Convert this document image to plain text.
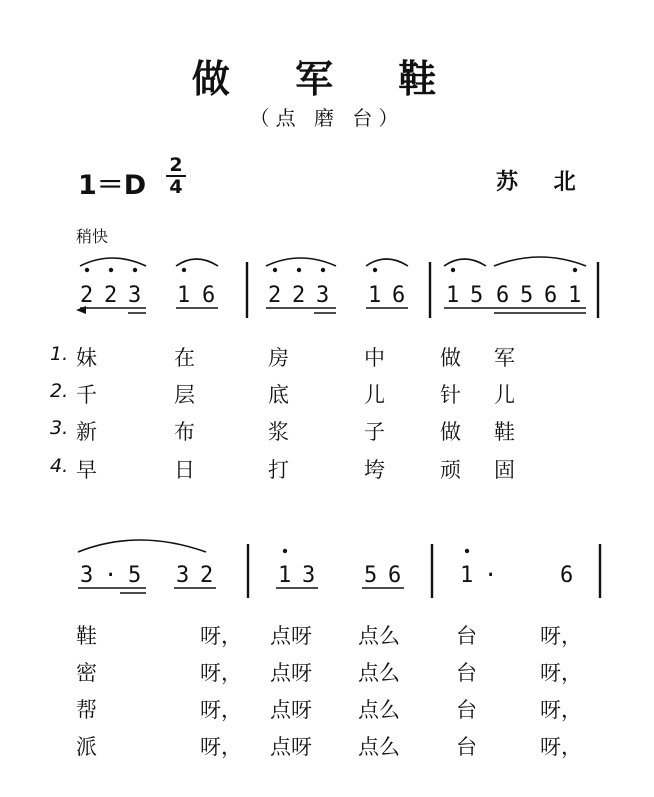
做 军 鞋
（点 磨 台）
1＝D
2
4	苏 北
稍快
2 2 3 1 6 2 2 3 1 6 1 5 6 5 6 1
3 · 5 3 2	1 3 5 6	1 ·	6
1. 妹	在	房	中	做 军
2. 千	层	底	儿	针 儿
3. 新	布	浆	子	做 鞋
4. 早	日	打	垮	顽 固
鞋	呀， 点呀 点么	台	呀，
密	呀， 点呀 点么	台	呀，
帮	呀， 点呀 点么	台	呀，
派	呀， 点呀 点么	台	呀，
